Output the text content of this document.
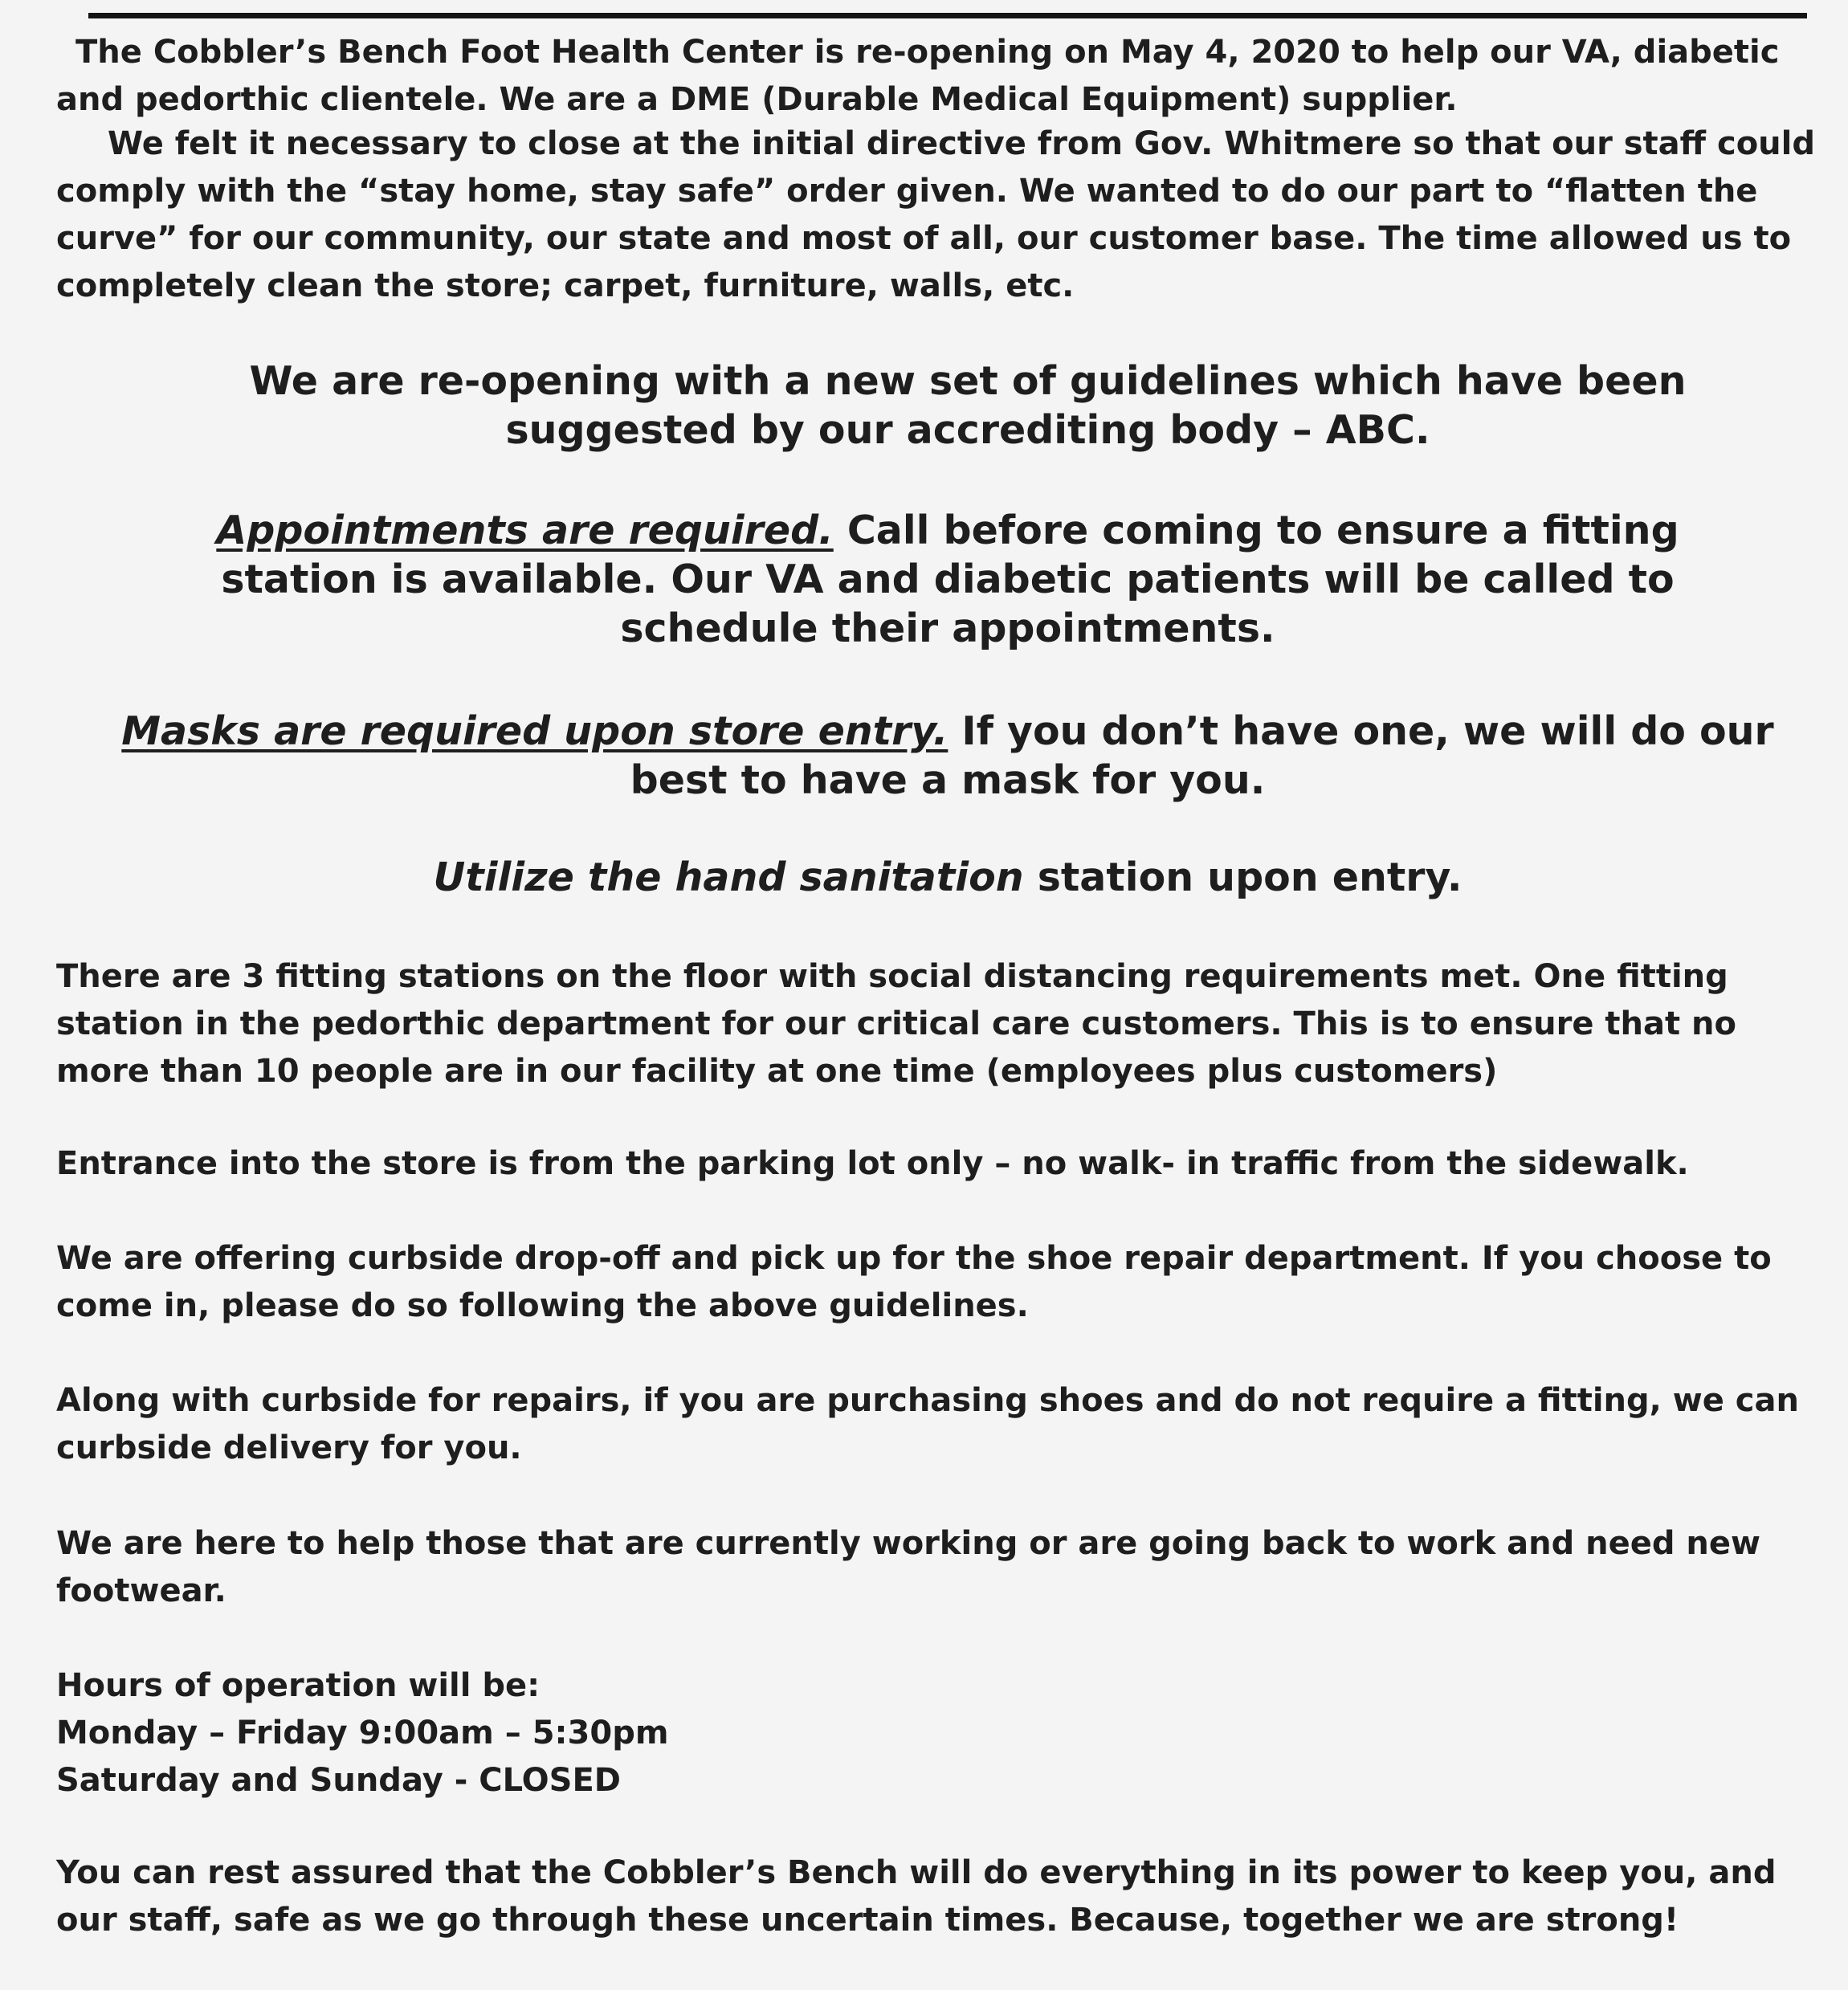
The Cobbler’s Bench Foot Health Center is re-opening on May 4, 2020 to help our VA, diabetic and pedorthic clientele. We are a DME (Durable Medical Equipment) supplier.

We felt it necessary to close at the initial directive from Gov. Whitmere so that our staff could comply with the “stay home, stay safe” order given. We wanted to do our part to “flatten the curve” for our community, our state and most of all, our customer base. The time allowed us to completely clean the store; carpet, furniture, walls, etc.

We are re-opening with a new set of guidelines which have been suggested by our accrediting body – ABC.

Appointments are required. Call before coming to ensure a fitting station is available. Our VA and diabetic patients will be called to schedule their appointments.

Masks are required upon store entry. If you don’t have one, we will do our best to have a mask for you.

Utilize the hand sanitation station upon entry.

There are 3 fitting stations on the floor with social distancing requirements met. One fitting station in the pedorthic department for our critical care customers. This is to ensure that no more than 10 people are in our facility at one time (employees plus customers)

Entrance into the store is from the parking lot only – no walk- in traffic from the sidewalk.

We are offering curbside drop-off and pick up for the shoe repair department. If you choose to come in, please do so following the above guidelines.

Along with curbside for repairs, if you are purchasing shoes and do not require a fitting, we can curbside delivery for you.

We are here to help those that are currently working or are going back to work and need new footwear.

Hours of operation will be:
Monday – Friday 9:00am – 5:30pm
Saturday and Sunday - CLOSED

You can rest assured that the Cobbler’s Bench will do everything in its power to keep you, and our staff, safe as we go through these uncertain times. Because, together we are strong!
